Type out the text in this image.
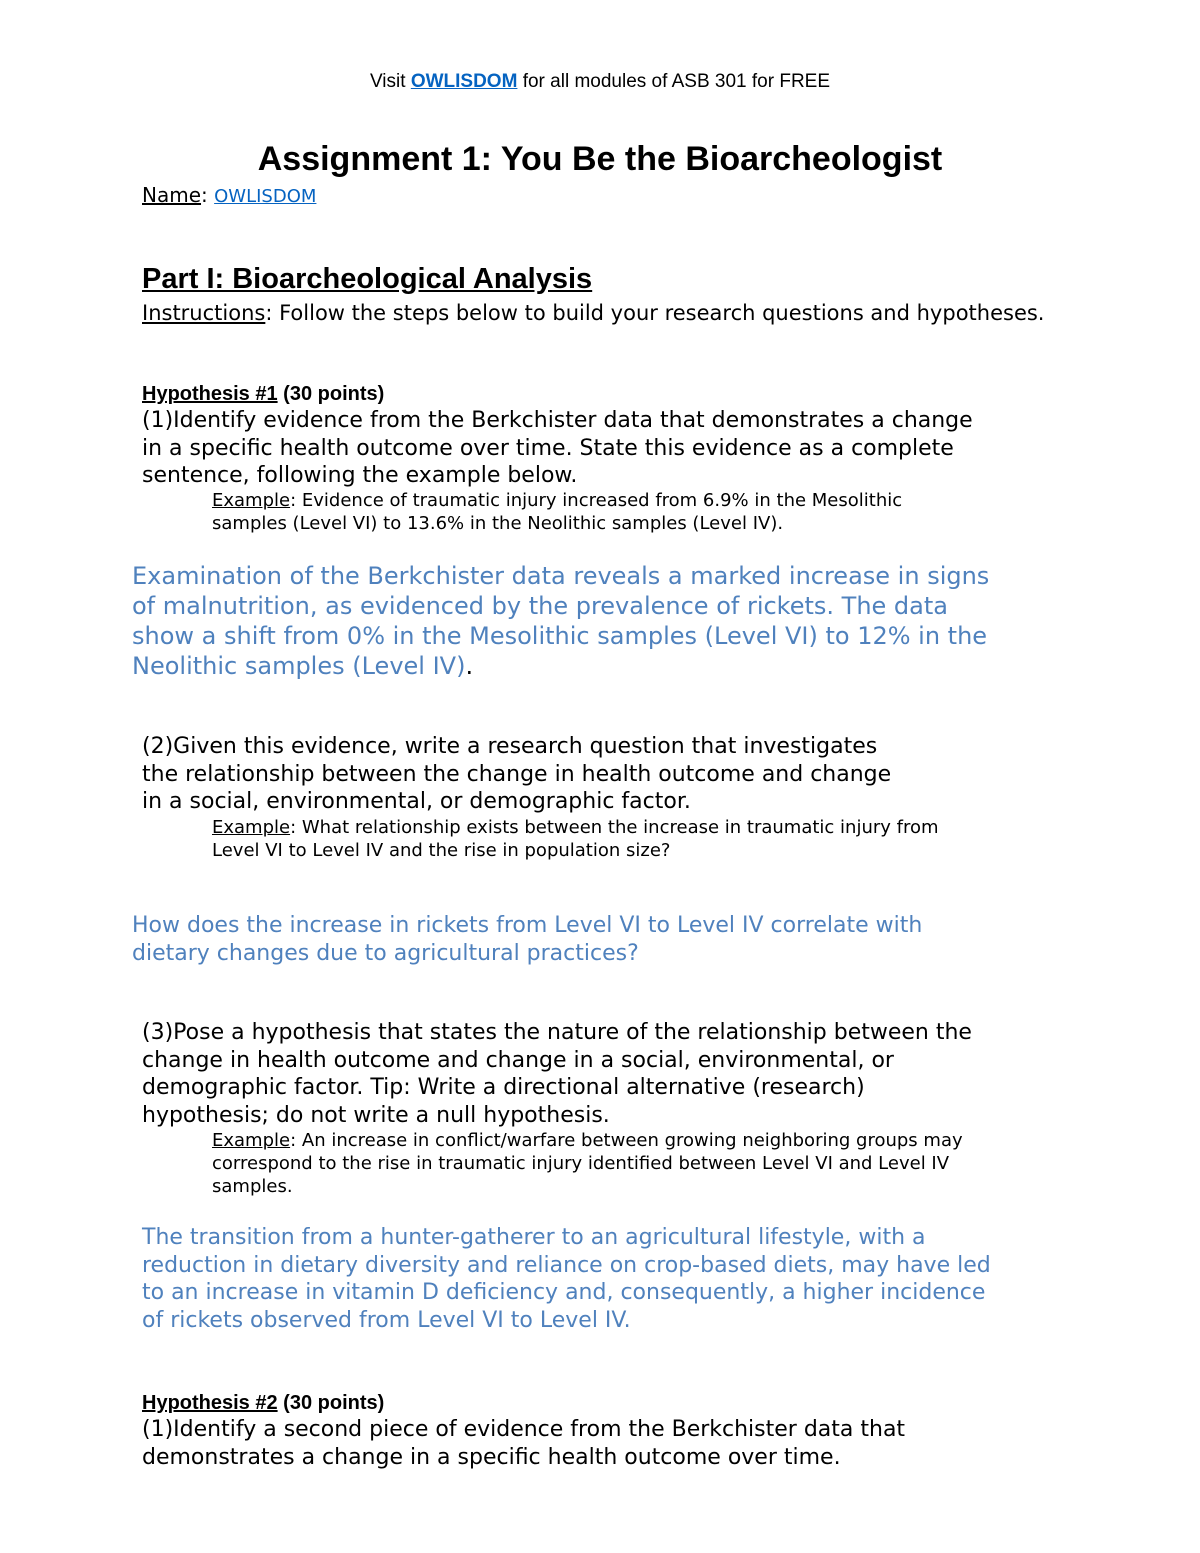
Visit OWLISDOM for all modules of ASB 301 for FREE

Assignment 1: You Be the Bioarcheologist

Name: OWLISDOM

Part I: Bioarcheological Analysis

Instructions: Follow the steps below to build your research questions and hypotheses.

Hypothesis #1 (30 points)

(1)Identify evidence from the Berkchister data that demonstrates a change
in a specific health outcome over time. State this evidence as a complete
sentence, following the example below.
Example: Evidence of traumatic injury increased from 6.9% in the Mesolithic
samples (Level VI) to 13.6% in the Neolithic samples (Level IV).
Examination of the Berkchister data reveals a marked increase in signs
of malnutrition, as evidenced by the prevalence of rickets. The data
show a shift from 0% in the Mesolithic samples (Level VI) to 12% in the
Neolithic samples (Level IV).
(2)Given this evidence, write a research question that investigates
the relationship between the change in health outcome and change
in a social, environmental, or demographic factor.
Example: What relationship exists between the increase in traumatic injury from
Level VI to Level IV and the rise in population size?
How does the increase in rickets from Level VI to Level IV correlate with
dietary changes due to agricultural practices?
(3)Pose a hypothesis that states the nature of the relationship between the
change in health outcome and change in a social, environmental, or
demographic factor. Tip: Write a directional alternative (research)
hypothesis; do not write a null hypothesis.
Example: An increase in conflict/warfare between growing neighboring groups may
correspond to the rise in traumatic injury identified between Level VI and Level IV
samples.
The transition from a hunter-gatherer to an agricultural lifestyle, with a
reduction in dietary diversity and reliance on crop-based diets, may have led
to an increase in vitamin D deficiency and, consequently, a higher incidence
of rickets observed from Level VI to Level IV.

Hypothesis #2 (30 points)

(1)Identify a second piece of evidence from the Berkchister data that
demonstrates a change in a specific health outcome over time.
